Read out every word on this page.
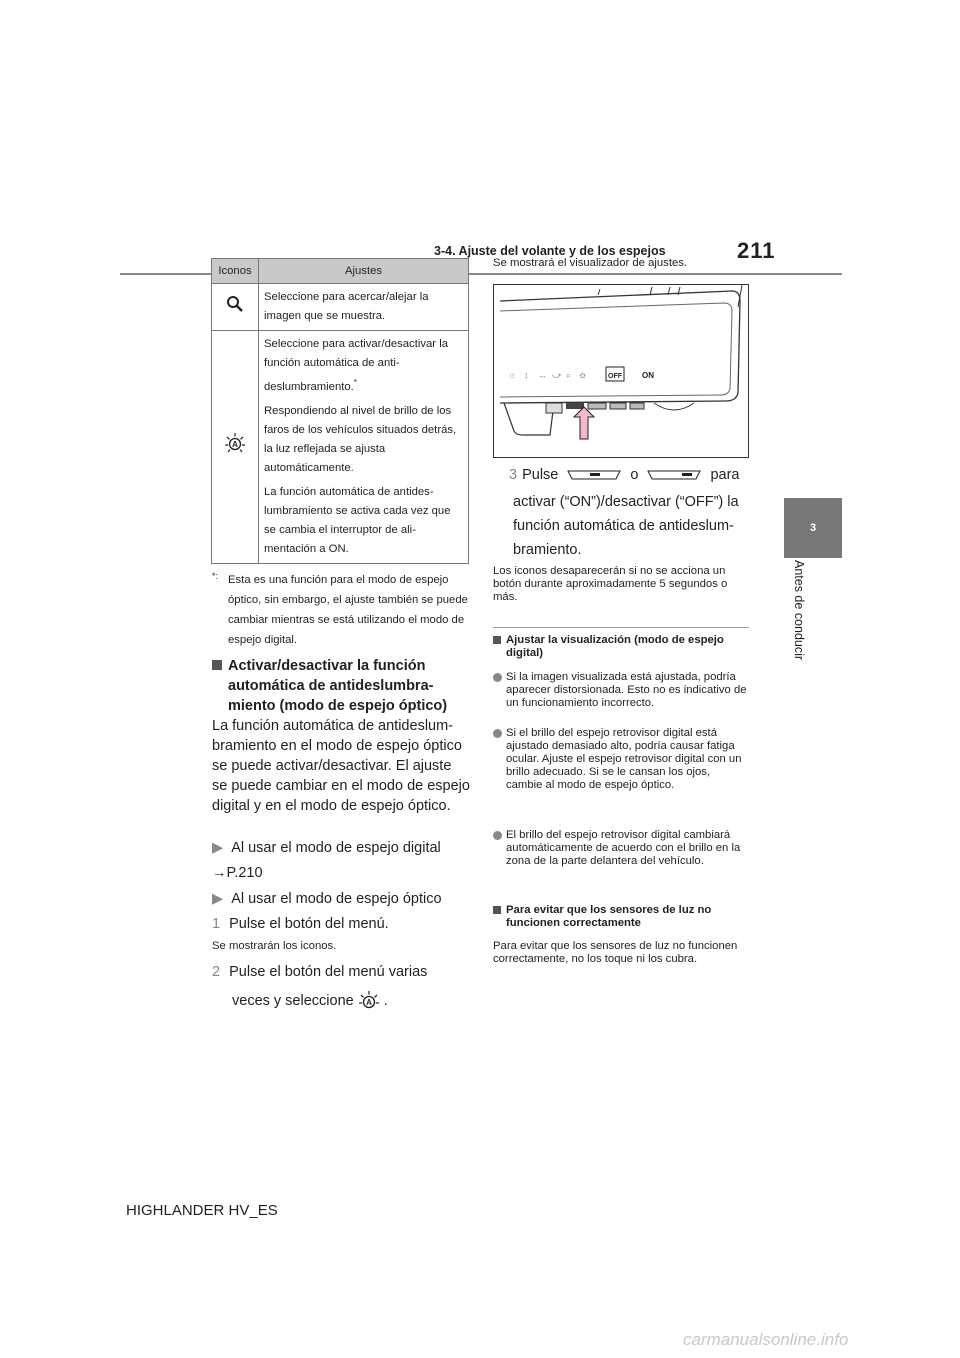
3-4. Ajuste del volante y de los espejos	211
3
Antes de conducir
Iconos	Ajustes
	Seleccione para acercar/alejar la imagen que se muestra.

A	Seleccione para activar/desactivar la función automática de antideslumbramiento.*

Respondiendo al nivel de brillo de los faros de los vehículos situados detrás, la luz reflejada se ajusta automáticamente.

La función automática de antideslumbramiento se activa cada vez que se cambia el interruptor de alimentación a ON.

*: Esta es una función para el modo de espejo óptico, sin embargo, el ajuste también se puede cambiar mientras se está utilizando el modo de espejo digital.
Activar/desactivar la función automática de antideslumbramiento (modo de espejo óptico)
La función automática de antideslumbramiento en el modo de espejo óptico se puede activar/desactivar. El ajuste se puede cambiar en el modo de espejo digital y en el modo de espejo óptico.
▶ Al usar el modo de espejo digital
→P.210
▶ Al usar el modo de espejo óptico
1 Pulse el botón del menú.
Se mostrarán los iconos.
2 Pulse el botón del menú varias
veces y seleccione A .
Se mostrará el visualizador de ajustes.
☼ ↕ ↔ ⤻ ⌕ ☼	OFF	ON
3 Pulse	o	para
activar (“ON”)/desactivar (“OFF”) la función automática de antideslumbramiento.
Los iconos desaparecerán si no se acciona un botón durante aproximadamente 5 segundos o más.
Ajustar la visualización (modo de espejo digital)
Si la imagen visualizada está ajustada, podría aparecer distorsionada. Esto no es indicativo de un funcionamiento incorrecto.
Si el brillo del espejo retrovisor digital está ajustado demasiado alto, podría causar fatiga ocular. Ajuste el espejo retrovisor digital con un brillo adecuado. Si se le cansan los ojos, cambie al modo de espejo óptico.
El brillo del espejo retrovisor digital cambiará automáticamente de acuerdo con el brillo en la zona de la parte delantera del vehículo.
Para evitar que los sensores de luz no funcionen correctamente
Para evitar que los sensores de luz no funcionen correctamente, no los toque ni los cubra.
HIGHLANDER HV_ES
carmanualsonline.info
